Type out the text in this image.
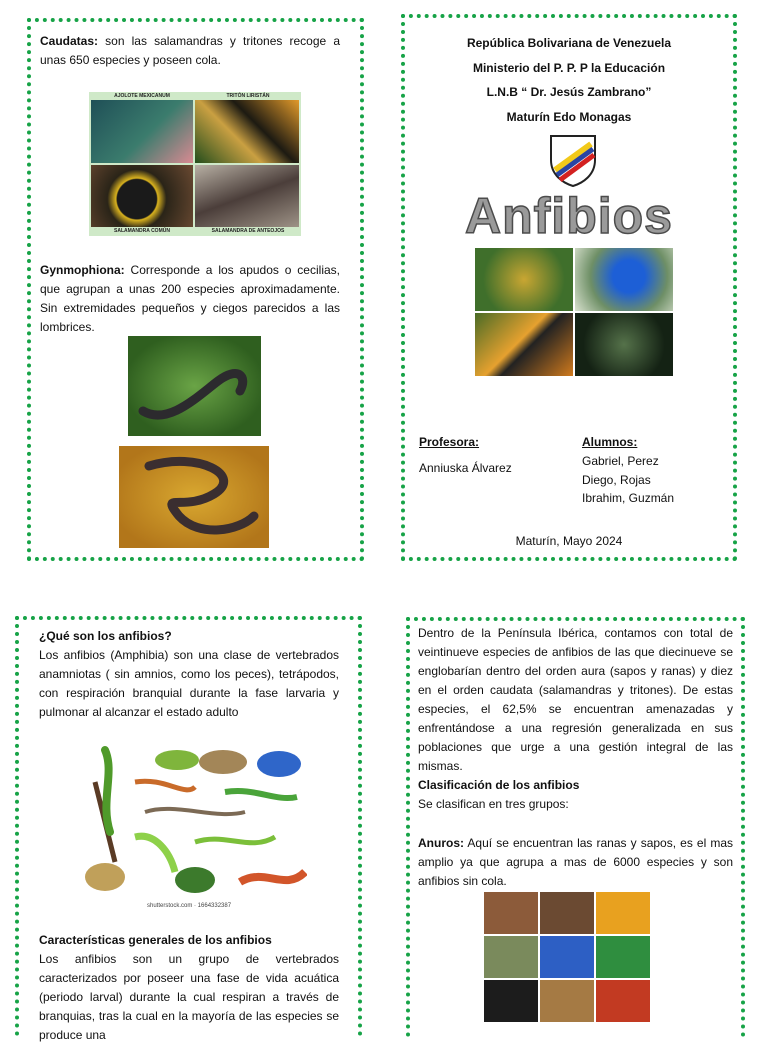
Caudatas: son las salamandras y tritones recoge a unas 650 especies y poseen cola.
AJOLOTE MEXICANUM	TRITÓN LIRISTÁN
SALAMANDRA COMÚN	SALAMANDRA DE ANTEOJOS
Gynmophiona: Corresponde a los apudos o cecilias, que agrupan a unas 200 especies aproximadamente. Sin extremidades pequeños y ciegos parecidos a las lombrices.
República Bolivariana de Venezuela
Ministerio del P. P. P la Educación
L.N.B “ Dr. Jesús Zambrano”
Maturín Edo Monagas
Anfibios
Profesora:
Anniuska Álvarez
Alumnos:
Gabriel, Perez
Diego, Rojas
Ibrahim, Guzmán
Maturín, Mayo 2024
¿Qué son los anfibios?
Los anfibios (Amphibia) son una clase de vertebrados anamniotas ( sin amnios, como los peces), tetrápodos, con respiración branquial durante la fase larvaria y pulmonar al alcanzar el estado adulto
shutterstock.com · 1664332387
Características generales de los anfibios
Los anfibios son un grupo de vertebrados caracterizados por poseer una fase de vida acuática (periodo larval) durante la cual respiran a través de branquias, tras la cual en la mayoría de las especies se produce una
Dentro de la Península Ibérica, contamos con total de veintinueve especies de anfibios de las que diecinueve se englobarían dentro del orden aura (sapos y ranas) y diez en el orden caudata (salamandras y tritones). De estas especies, el 62,5% se encuentran amenazadas y enfrentándose a una regresión generalizada en sus poblaciones que urge a una gestión integral de las mismas.
Clasificación de los anfibios
Se clasifican en tres grupos:
Anuros: Aquí se encuentran las ranas y sapos, es el mas amplio ya que agrupa a mas de 6000 especies y son anfibios sin cola.
